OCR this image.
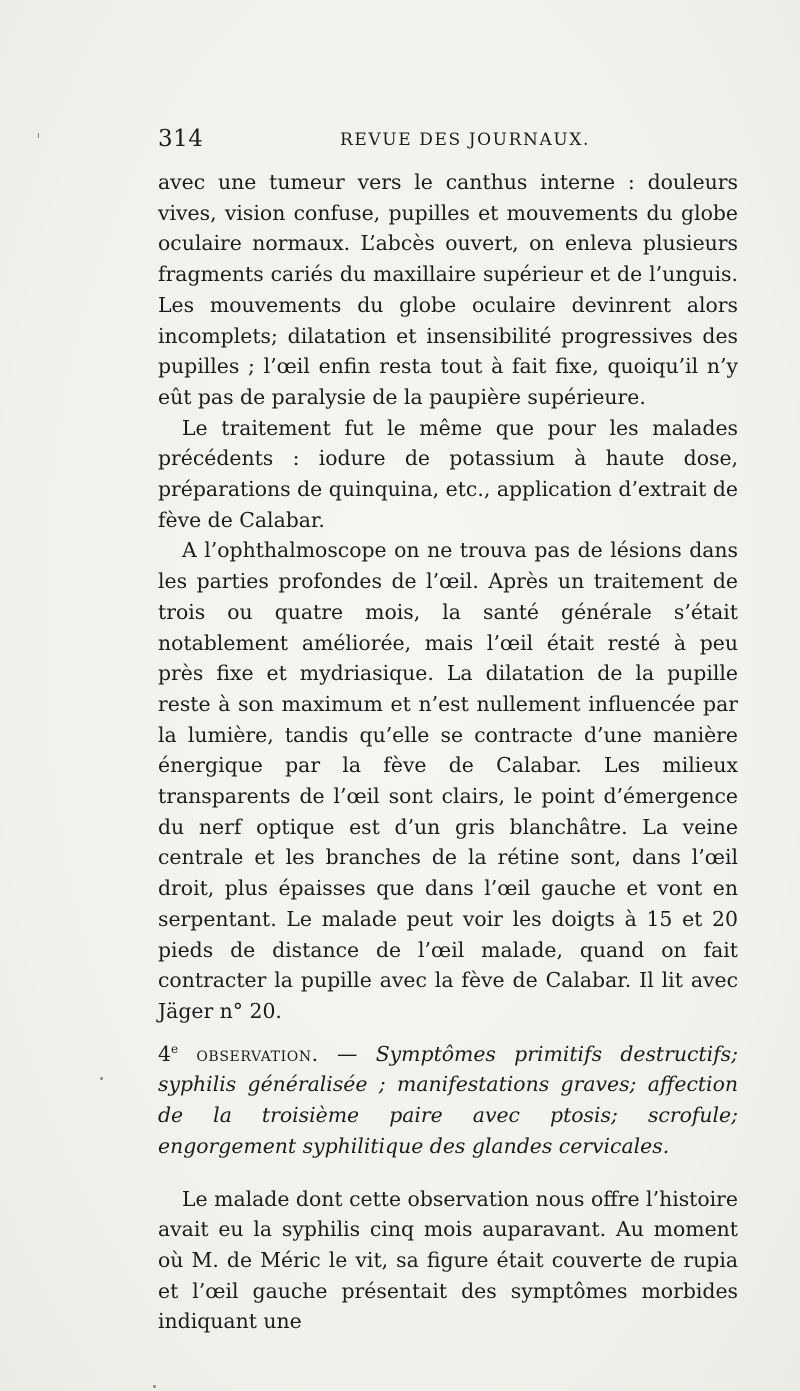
314	REVUE DES JOURNAUX.

avec une tumeur vers le canthus interne : douleurs vives, vision confuse, pupilles et mouvements du globe oculaire normaux. L’abcès ouvert, on enleva plusieurs fragments cariés du maxillaire supérieur et de l’unguis. Les mouvements du globe oculaire devinrent alors incomplets; dilatation et insensibilité progressives des pupilles ; l’œil enfin resta tout à fait fixe, quoiqu’il n’y eût pas de paralysie de la paupière supérieure.

Le traitement fut le même que pour les malades précédents : iodure de potassium à haute dose, préparations de quinquina, etc., application d’extrait de fève de Calabar.

A l’ophthalmoscope on ne trouva pas de lésions dans les parties profondes de l’œil. Après un traitement de trois ou quatre mois, la santé générale s’était notablement améliorée, mais l’œil était resté à peu près fixe et mydriasique. La dilatation de la pupille reste à son maximum et n’est nullement influencée par la lumière, tandis qu’elle se contracte d’une manière énergique par la fève de Calabar. Les milieux transparents de l’œil sont clairs, le point d’émergence du nerf optique est d’un gris blanchâtre. La veine centrale et les branches de la rétine sont, dans l’œil droit, plus épaisses que dans l’œil gauche et vont en serpentant. Le malade peut voir les doigts à 15 et 20 pieds de distance de l’œil malade, quand on fait contracter la pupille avec la fève de Calabar. Il lit avec Jäger n° 20.

4e observation. — Symptômes primitifs destructifs; syphilis généralisée ; manifestations graves; affection de la troisième paire avec ptosis; scrofule; engorgement syphilitique des glandes cervicales.

Le malade dont cette observation nous offre l’histoire avait eu la syphilis cinq mois auparavant. Au moment où M. de Méric le vit, sa figure était couverte de rupia et l’œil gauche présentait des symptômes morbides indiquant une
